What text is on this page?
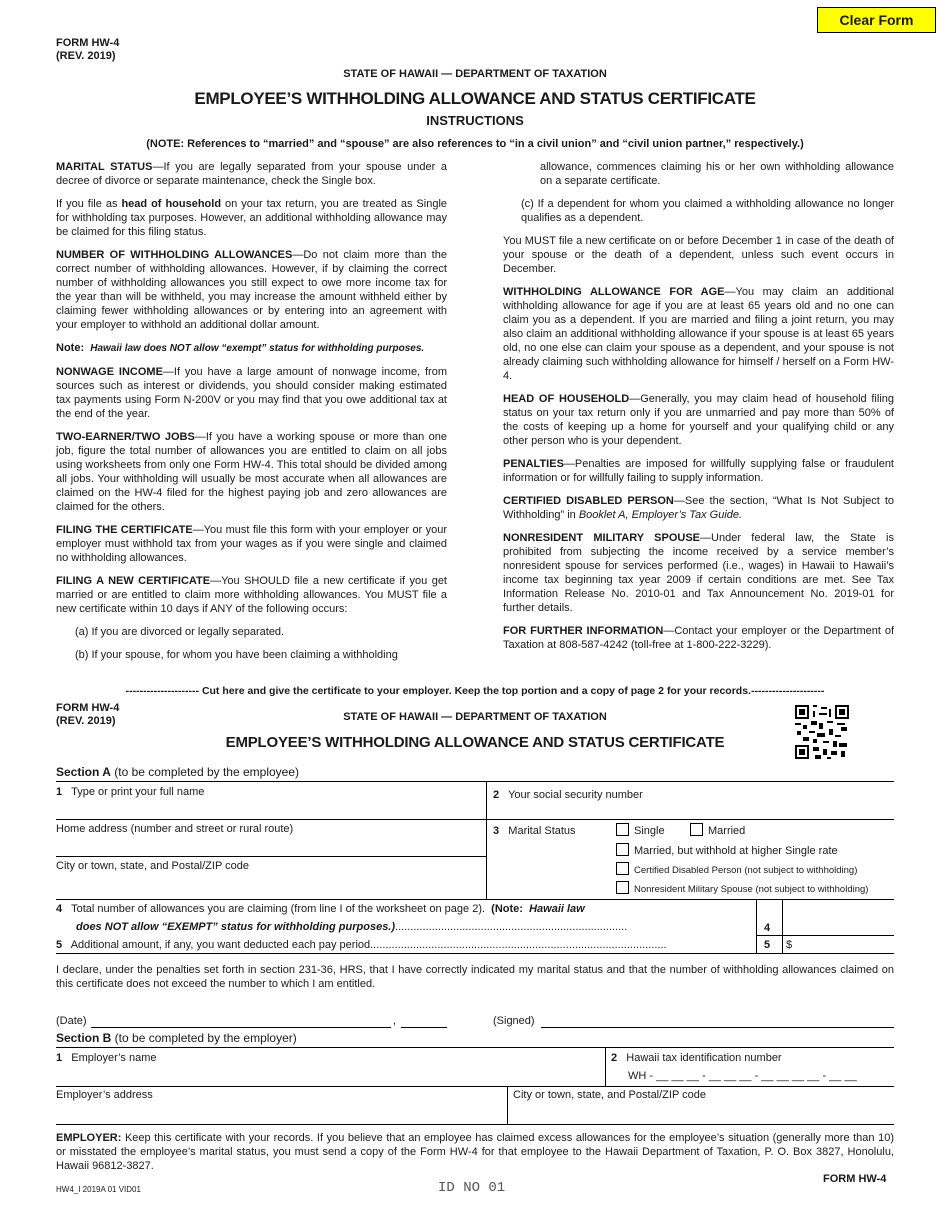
Clear Form
FORM HW-4
(REV. 2019)
STATE OF HAWAII — DEPARTMENT OF TAXATION
EMPLOYEE’S WITHHOLDING ALLOWANCE AND STATUS CERTIFICATE
INSTRUCTIONS
(NOTE: References to “married” and “spouse” are also references to “in a civil union” and “civil union partner,” respectively.)

MARITAL STATUS—If you are legally separated from your spouse under a decree of divorce or separate maintenance, check the Single box.

If you file as head of household on your tax return, you are treated as Single for withholding tax purposes. However, an additional withholding allowance may be claimed for this filing status.

NUMBER OF WITHHOLDING ALLOWANCES—Do not claim more than the correct number of withholding allowances. However, if by claiming the correct number of withholding allowances you still expect to owe more income tax for the year than will be withheld, you may increase the amount withheld either by claiming fewer withholding allowances or by entering into an agreement with your employer to withhold an additional dollar amount.

Note: Hawaii law does NOT allow “exempt” status for withholding purposes.

NONWAGE INCOME—If you have a large amount of nonwage income, from sources such as interest or dividends, you should consider making estimated tax payments using Form N-200V or you may find that you owe additional tax at the end of the year.

TWO-EARNER/TWO JOBS—If you have a working spouse or more than one job, figure the total number of allowances you are entitled to claim on all jobs using worksheets from only one Form HW-4. This total should be divided among all jobs. Your withholding will usually be most accurate when all allowances are claimed on the HW-4 filed for the highest paying job and zero allowances are claimed for the others.

FILING THE CERTIFICATE—You must file this form with your employer or your employer must withhold tax from your wages as if you were single and claimed no withholding allowances.

FILING A NEW CERTIFICATE—You SHOULD file a new certificate if you get married or are entitled to claim more withholding allowances. You MUST file a new certificate within 10 days if ANY of the following occurs:

(a) If you are divorced or legally separated.

(b) If your spouse, for whom you have been claiming a withholding

allowance, commences claiming his or her own withholding allowance on a separate certificate.

(c) If a dependent for whom you claimed a withholding allowance no longer qualifies as a dependent.

You MUST file a new certificate on or before December 1 in case of the death of your spouse or the death of a dependent, unless such event occurs in December.

WITHHOLDING ALLOWANCE FOR AGE—You may claim an additional withholding allowance for age if you are at least 65 years old and no one can claim you as a dependent. If you are married and filing a joint return, you may also claim an additional withholding allowance if your spouse is at least 65 years old, no one else can claim your spouse as a dependent, and your spouse is not already claiming such withholding allowance for himself / herself on a Form HW-4.

HEAD OF HOUSEHOLD—Generally, you may claim head of household filing status on your tax return only if you are unmarried and pay more than 50% of the costs of keeping up a home for yourself and your qualifying child or any other person who is your dependent.

PENALTIES—Penalties are imposed for willfully supplying false or fraudulent information or for willfully failing to supply information.

CERTIFIED DISABLED PERSON—See the section, “What Is Not Subject to Withholding” in Booklet A, Employer’s Tax Guide.

NONRESIDENT MILITARY SPOUSE—Under federal law, the State is prohibited from subjecting the income received by a service member’s nonresident spouse for services performed (i.e., wages) in Hawaii to Hawaii’s income tax beginning tax year 2009 if certain conditions are met. See Tax Information Release No. 2010-01 and Tax Announcement No. 2019-01 for further details.

FOR FURTHER INFORMATION—Contact your employer or the Department of Taxation at 808-587-4242 (toll-free at 1-800-222-3229).

--------------------- Cut here and give the certificate to your employer. Keep the top portion and a copy of page 2 for your records.---------------------
FORM HW-4
(REV. 2019)	STATE OF HAWAII — DEPARTMENT OF TAXATION
EMPLOYEE’S WITHHOLDING ALLOWANCE AND STATUS CERTIFICATE
Section A (to be completed by the employee)
1 Type or print your full name	2 Your social security number
Home address (number and street or rural route)
City or town, state, and Postal/ZIP code
3 Marital Status	Single	Married
Married, but withhold at higher Single rate
Certified Disabled Person (not subject to withholding)
Nonresident Military Spouse (not subject to withholding)
4 Total number of allowances you are claiming (from line I of the worksheet on page 2). (Note: Hawaii law
does NOT allow “EXEMPT” status for withholding purposes.)............................................................................	4
5 Additional amount, if any, you want deducted each pay period.................................................................................................	5 $

I declare, under the penalties set forth in section 231-36, HRS, that I have correctly indicated my marital status and that the number of withholding allowances claimed on this certificate does not exceed the number to which I am entitled.

(Date)	,	(Signed)
Section B (to be completed by the employer)
1 Employer’s name	2 Hawaii tax identification number
WH - __ __ __ - __ __ __ - __ __ __ __ - __ __
Employer’s address	City or town, state, and Postal/ZIP code

EMPLOYER: Keep this certificate with your records. If you believe that an employee has claimed excess allowances for the employee’s situation (generally more than 10) or misstated the employee’s marital status, you must send a copy of the Form HW-4 for that employee to the Hawaii Department of Taxation, P. O. Box 3827, Honolulu, Hawaii 96812-3827.

HW4_I 2019A 01 VID01	ID NO 01
FORM HW-4
